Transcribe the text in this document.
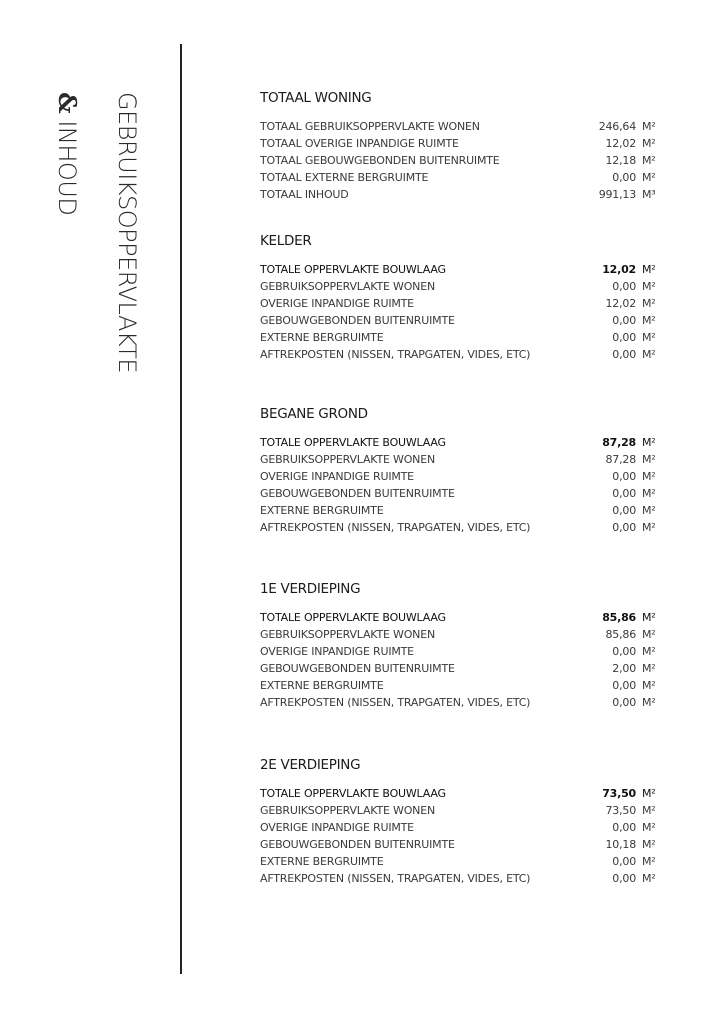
GEBRUIKSOPPERVLAKTE
& INHOUD
TOTAAL WONING
TOTAAL GEBRUIKSOPPERVLAKTE WONEN	246,64 M²
TOTAAL OVERIGE INPANDIGE RUIMTE	12,02 M²
TOTAAL GEBOUWGEBONDEN BUITENRUIMTE	12,18 M²
TOTAAL EXTERNE BERGRUIMTE	0,00 M²
TOTAAL INHOUD	991,13 M³
KELDER
TOTALE OPPERVLAKTE BOUWLAAG	12,02 M²
GEBRUIKSOPPERVLAKTE WONEN	0,00 M²
OVERIGE INPANDIGE RUIMTE	12,02 M²
GEBOUWGEBONDEN BUITENRUIMTE	0,00 M²
EXTERNE BERGRUIMTE	0,00 M²
AFTREKPOSTEN (NISSEN, TRAPGATEN, VIDES, ETC)	0,00 M²
BEGANE GROND
TOTALE OPPERVLAKTE BOUWLAAG	87,28 M²
GEBRUIKSOPPERVLAKTE WONEN	87,28 M²
OVERIGE INPANDIGE RUIMTE	0,00 M²
GEBOUWGEBONDEN BUITENRUIMTE	0,00 M²
EXTERNE BERGRUIMTE	0,00 M²
AFTREKPOSTEN (NISSEN, TRAPGATEN, VIDES, ETC)	0,00 M²
1E VERDIEPING
TOTALE OPPERVLAKTE BOUWLAAG	85,86 M²
GEBRUIKSOPPERVLAKTE WONEN	85,86 M²
OVERIGE INPANDIGE RUIMTE	0,00 M²
GEBOUWGEBONDEN BUITENRUIMTE	2,00 M²
EXTERNE BERGRUIMTE	0,00 M²
AFTREKPOSTEN (NISSEN, TRAPGATEN, VIDES, ETC)	0,00 M²
2E VERDIEPING
TOTALE OPPERVLAKTE BOUWLAAG	73,50 M²
GEBRUIKSOPPERVLAKTE WONEN	73,50 M²
OVERIGE INPANDIGE RUIMTE	0,00 M²
GEBOUWGEBONDEN BUITENRUIMTE	10,18 M²
EXTERNE BERGRUIMTE	0,00 M²
AFTREKPOSTEN (NISSEN, TRAPGATEN, VIDES, ETC)	0,00 M²
